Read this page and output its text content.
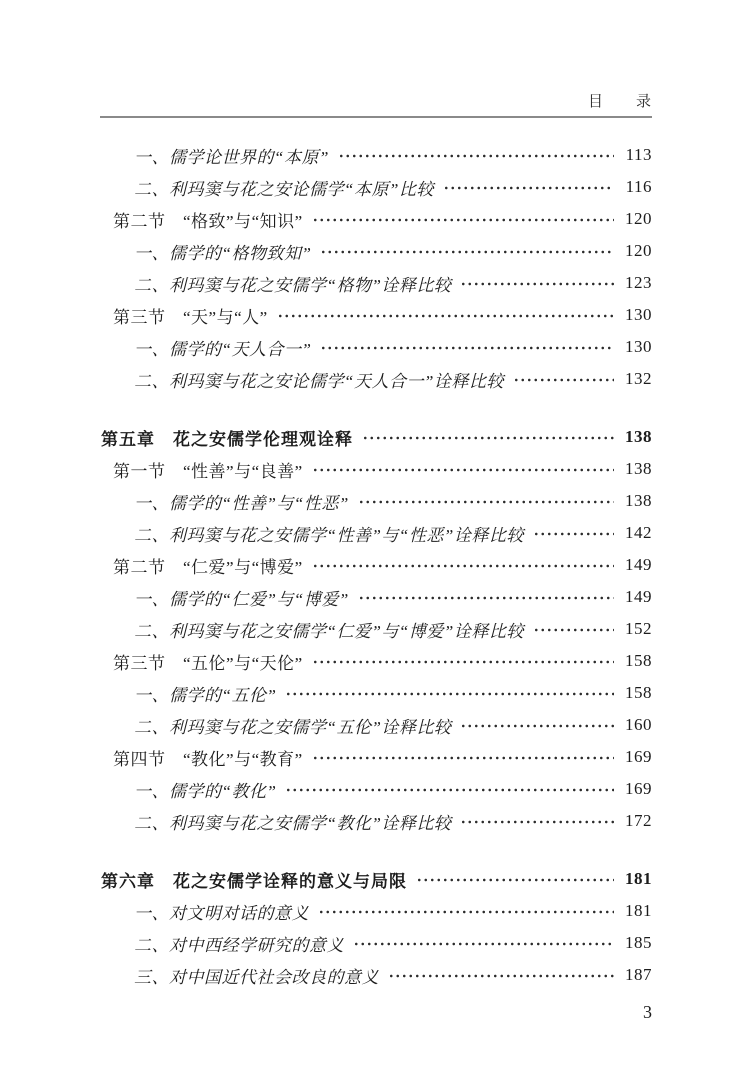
目　　录
一、儒学论世界的“本原”	113
二、利玛窦与花之安论儒学“本原”比较	116
第二节　“格致”与“知识”	120
一、儒学的“格物致知”	120
二、利玛窦与花之安儒学“格物”诠释比较	123
第三节　“天”与“人”	130
一、儒学的“天人合一”	130
二、利玛窦与花之安论儒学“天人合一”诠释比较	132
第五章　花之安儒学伦理观诠释	138
第一节　“性善”与“良善”	138
一、儒学的“性善”与“性恶”	138
二、利玛窦与花之安儒学“性善”与“性恶”诠释比较	142
第二节　“仁爱”与“博爱”	149
一、儒学的“仁爱”与“博爱”	149
二、利玛窦与花之安儒学“仁爱”与“博爱”诠释比较	152
第三节　“五伦”与“天伦”	158
一、儒学的“五伦”	158
二、利玛窦与花之安儒学“五伦”诠释比较	160
第四节　“教化”与“教育”	169
一、儒学的“教化”	169
二、利玛窦与花之安儒学“教化”诠释比较	172
第六章　花之安儒学诠释的意义与局限	181
一、对文明对话的意义	181
二、对中西经学研究的意义	185
三、对中国近代社会改良的意义	187
3
